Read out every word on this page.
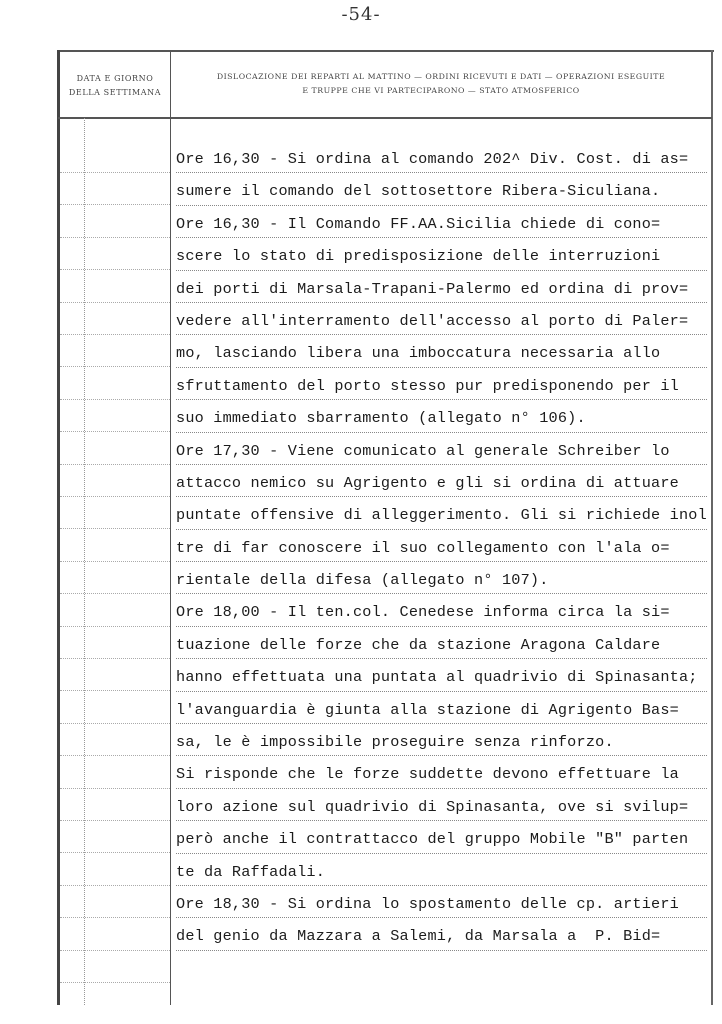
-54-
DATA E GIORNO
DELLA SETTIMANA
DISLOCAZIONE DEI REPARTI AL MATTINO — ORDINI RICEVUTI E DATI — OPERAZIONI ESEGUITE
E TRUPPE CHE VI PARTECIPARONO — STATO ATMOSFERICO
Ore 16,30 - Si ordina al comando 202^ Div. Cost. di as=
sumere il comando del sottosettore Ribera-Siculiana.
Ore 16,30 - Il Comando FF.AA.Sicilia chiede di cono=
scere lo stato di predisposizione delle interruzioni
dei porti di Marsala-Trapani-Palermo ed ordina di prov=
vedere all'interramento dell'accesso al porto di Paler=
mo, lasciando libera una imboccatura necessaria allo
sfruttamento del porto stesso pur predisponendo per il
suo immediato sbarramento (allegato n° 106).
Ore 17,30 - Viene comunicato al generale Schreiber lo
attacco nemico su Agrigento e gli si ordina di attuare
puntate offensive di alleggerimento. Gli si richiede inol
tre di far conoscere il suo collegamento con l'ala o=
rientale della difesa (allegato n° 107).
Ore 18,00 - Il ten.col. Cenedese informa circa la si=
tuazione delle forze che da stazione Aragona Caldare
hanno effettuata una puntata al quadrivio di Spinasanta;
l'avanguardia è giunta alla stazione di Agrigento Bas=
sa, le è impossibile proseguire senza rinforzo.
Si risponde che le forze suddette devono effettuare la
loro azione sul quadrivio di Spinasanta, ove si svilup=
però anche il contrattacco del gruppo Mobile "B" parten
te da Raffadali.
Ore 18,30 - Si ordina lo spostamento delle cp. artieri
del genio da Mazzara a Salemi, da Marsala a  P. Bid=
